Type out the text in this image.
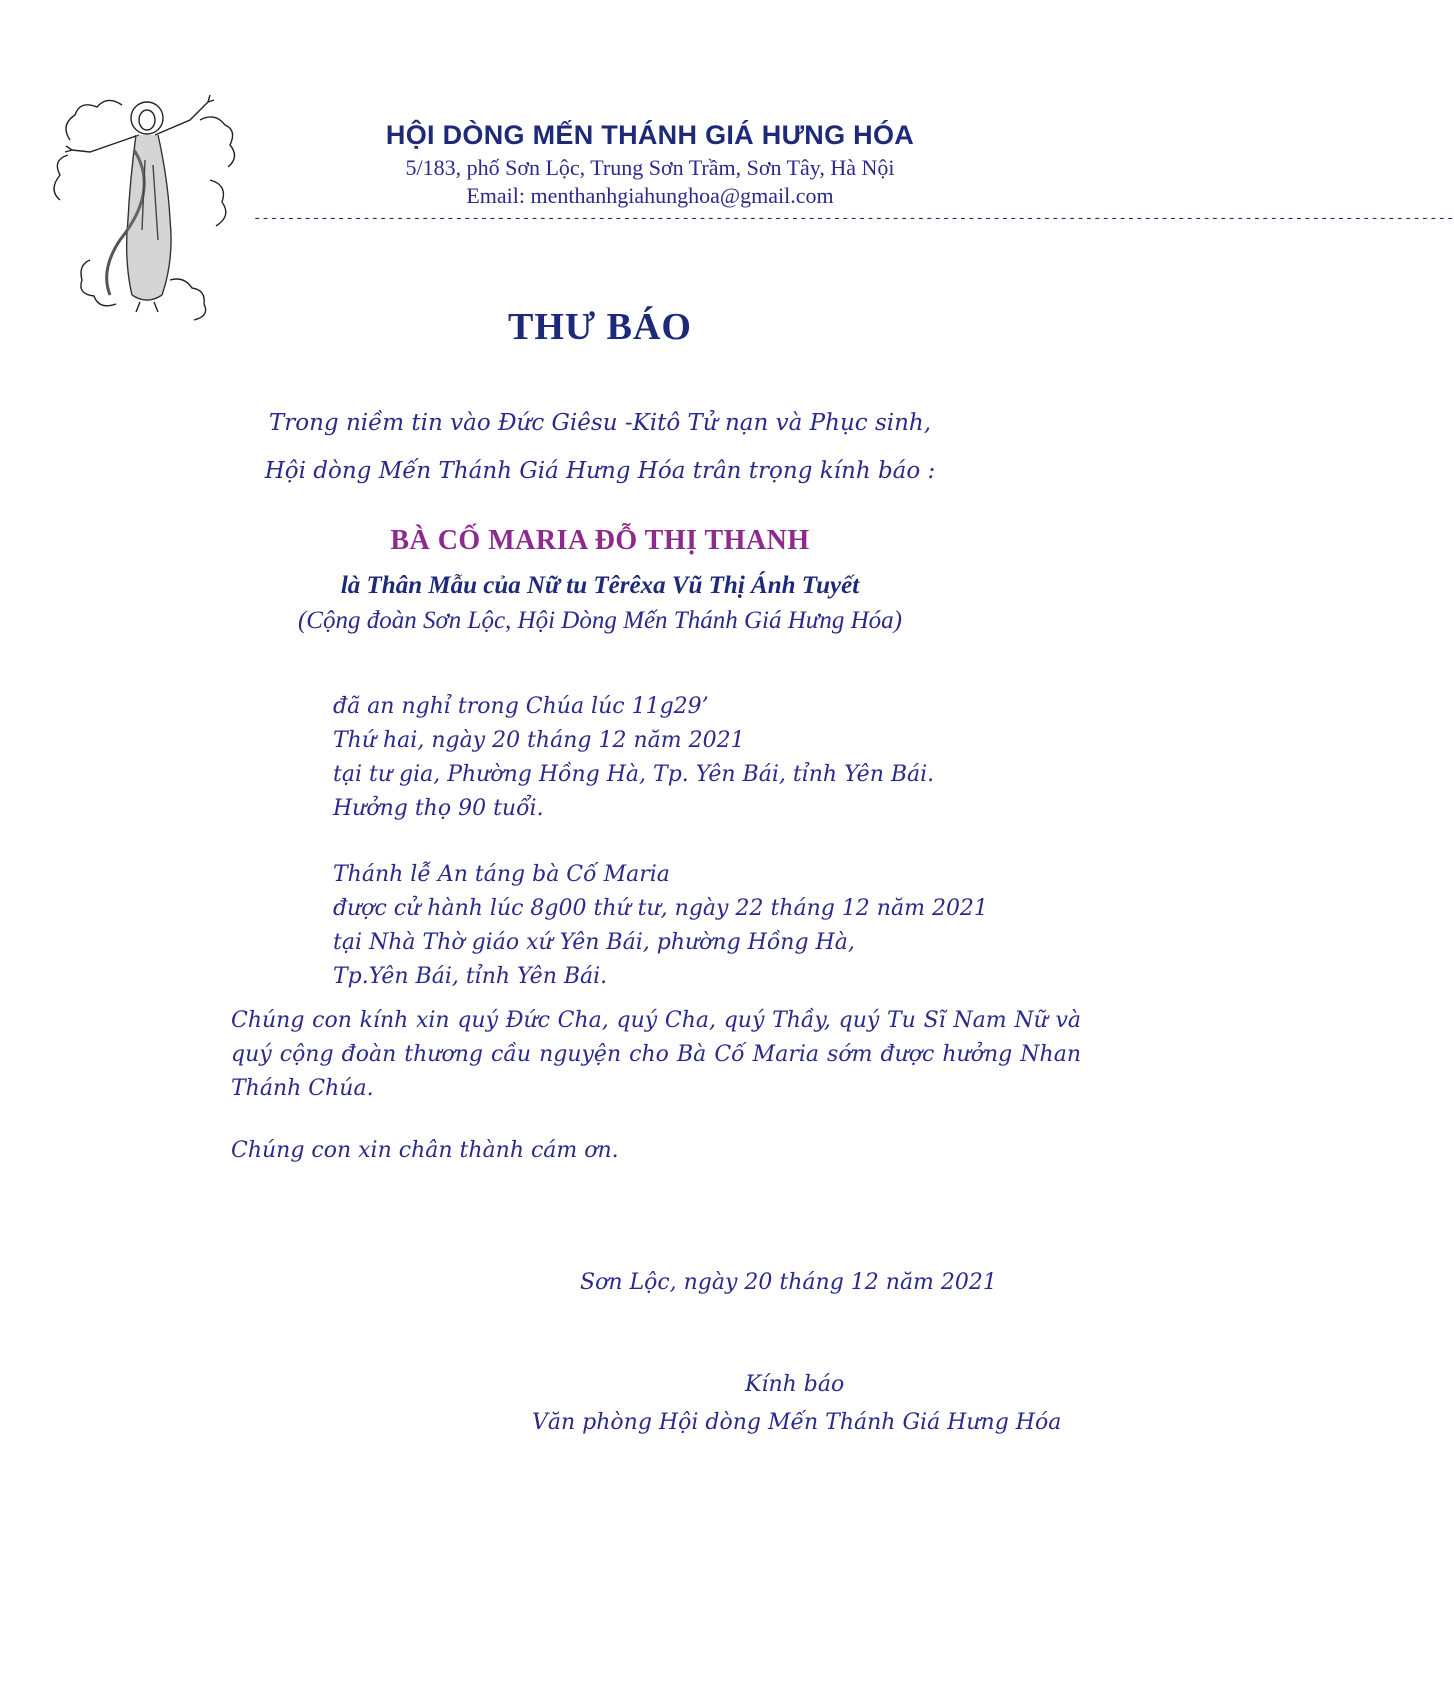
HỘI DÒNG MẾN THÁNH GIÁ HƯNG HÓA
5/183, phố Sơn Lộc, Trung Sơn Trầm, Sơn Tây, Hà Nội
Email: menthanhgiahunghoa@gmail.com
-----------------------------------------------------------------------------------------------------------------------------------------------
THƯ BÁO
Trong niềm tin vào Đức Giêsu -Kitô Tử nạn và Phục sinh,
Hội dòng Mến Thánh Giá Hưng Hóa trân trọng kính báo :
BÀ CỐ MARIA ĐỖ THỊ THANH
là Thân Mẫu của Nữ tu Têrêxa Vũ Thị Ánh Tuyết
(Cộng đoàn Sơn Lộc, Hội Dòng Mến Thánh Giá Hưng Hóa)
đã an nghỉ trong Chúa lúc 11g29’
Thứ hai, ngày 20 tháng 12 năm 2021
tại tư gia, Phường Hồng Hà, Tp. Yên Bái, tỉnh Yên Bái.
Hưởng thọ 90 tuổi.
Thánh lễ An táng bà Cố Maria
được cử hành lúc 8g00 thứ tư, ngày 22 tháng 12 năm 2021
tại Nhà Thờ giáo xứ Yên Bái, phường Hồng Hà,
Tp.Yên Bái, tỉnh Yên Bái.
Chúng con kính xin quý Đức Cha, quý Cha, quý Thầy, quý Tu Sĩ Nam Nữ và quý cộng đoàn thương cầu nguyện cho Bà Cố Maria sớm được hưởng Nhan Thánh Chúa.
Chúng con xin chân thành cám ơn.
Sơn Lộc, ngày 20 tháng 12 năm 2021
Kính báo
Văn phòng Hội dòng Mến Thánh Giá Hưng Hóa
